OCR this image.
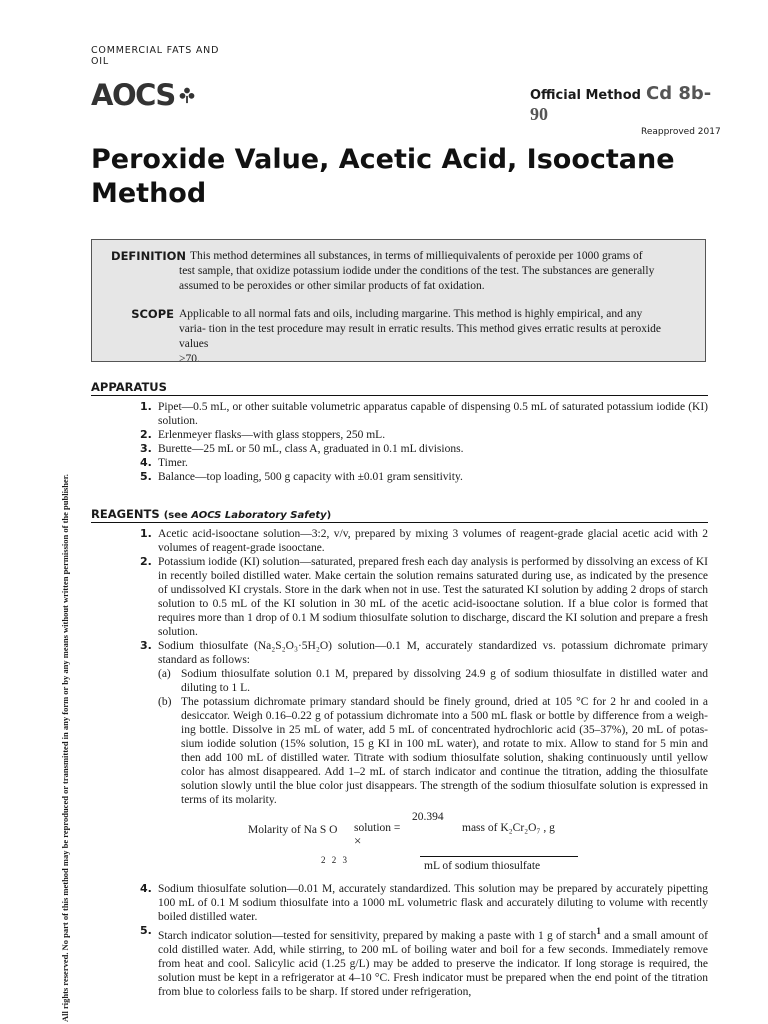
COMMERCIAL FATS AND OIL
AOCS	Official Method Cd 8b-
90
Reapproved 2017
Peroxide Value, Acetic Acid, Isooctane Method
DEFINITION This method determines all substances, in terms of milliequivalents of peroxide per 1000 grams of
test sample, that oxidize potassium iodide under the conditions of the test. The substances are generally
assumed to be peroxides or other similar products of fat oxidation.
SCOPE Applicable to all normal fats and oils, including margarine. This method is highly empirical, and any
varia- tion in the test procedure may result in erratic results. This method gives erratic results at peroxide
values
>70.
APPARATUS
1. Pipet—0.5 mL, or other suitable volumetric apparatus capable of dispensing 0.5 mL of saturated potassium iodide (KI) solution.
2. Erlenmeyer flasks—with glass stoppers, 250 mL.
3. Burette—25 mL or 50 mL, class A, graduated in 0.1 mL divisions.
4. Timer.
5. Balance—top loading, 500 g capacity with ±0.01 gram sensitivity.
REAGENTS (see AOCS Laboratory Safety)
1. Acetic acid-isooctane solution—3:2, v/v, prepared by mixing 3 volumes of reagent-grade glacial acetic acid with 2 volumes of reagent-grade isooctane.
2. Potassium iodide (KI) solution—saturated, prepared fresh each day analysis is performed by dissolving an excess of KI in recently boiled distilled water. Make certain the solution remains saturated during use, as indicated by the presence of undissolved KI crystals. Store in the dark when not in use. Test the saturated KI solution by adding 2 drops of starch solution to 0.5 mL of the KI solution in 30 mL of the acetic acid-isooctane solution. If a blue color is formed that requires more than 1 drop of 0.1 M sodium thiosulfate solution to discharge, discard the KI solution and prepare a fresh solution.
3. Sodium thiosulfate (Na₂S₂O₃·5H₂O) solution—0.1 M, accurately standardized vs. potassium dichromate primary standard as follows:
(a) Sodium thiosulfate solution 0.1 M, prepared by dissolving 24.9 g of sodium thiosulfate in distilled water and diluting to 1 L.
(b) The potassium dichromate primary standard should be finely ground, dried at 105 °C for 2 hr and cooled in a desiccator. Weigh 0.16–0.22 g of potassium dichromate into a 500 mL flask or bottle by difference from a weigh- ing bottle. Dissolve in 25 mL of water, add 5 mL of concentrated hydrochloric acid (35–37%), 20 mL of potas- sium iodide solution (15% solution, 15 g KI in 100 mL water), and rotate to mix. Allow to stand for 5 min and then add 100 mL of distilled water. Titrate with sodium thiosulfate solution, shaking continuously until yellow color has almost disappeared. Add 1–2 mL of starch indicator and continue the titration, adding the thiosulfate solution slowly until the blue color just disappears. The strength of the sodium thiosulfate solution is expressed in terms of its molarity.
Molarity of Na S O solution =
20.394
×
mass of K₂Cr₂O₇ , g
2 2 3	mL of sodium thiosulfate
4. Sodium thiosulfate solution—0.01 M, accurately standardized. This solution may be prepared by accurately pipetting 100 mL of 0.1 M sodium thiosulfate into a 1000 mL volumetric flask and accurately diluting to volume with recently boiled distilled water.
5. Starch indicator solution—tested for sensitivity, prepared by making a paste with 1 g of starch$^1$ and a small amount of cold distilled water. Add, while stirring, to 200 mL of boiling water and boil for a few seconds. Immediately remove from heat and cool. Salicylic acid (1.25 g/L) may be added to preserve the indicator. If long storage is required, the solution must be kept in a refrigerator at 4–10 °C. Fresh indicator must be prepared when the end point of the titration from blue to colorless fails to be sharp. If stored under refrigeration,
All rights reserved. No part of this method may be reproduced or transmitted in any form or by any means without written permission of the publisher.
